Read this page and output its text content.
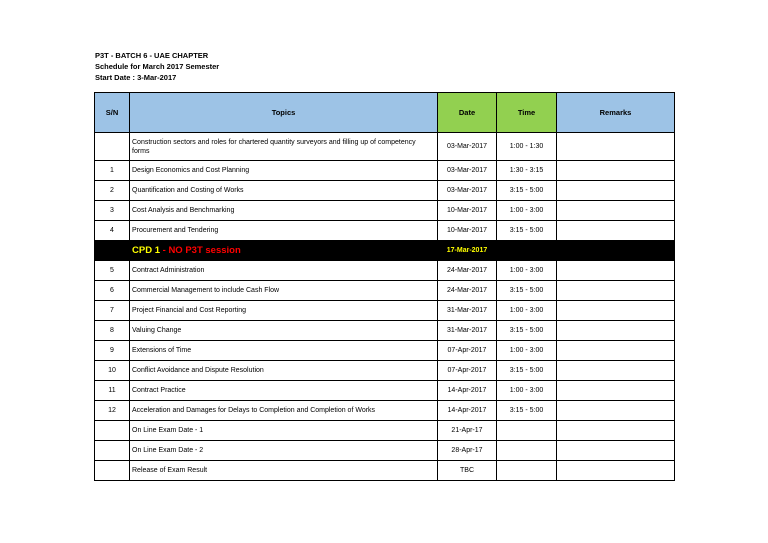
P3T - BATCH 6 - UAE CHAPTER
Schedule for March 2017 Semester
Start Date : 3-Mar-2017
S/N	Topics	Date	Time	Remarks
	Construction sectors and roles for chartered quantity surveyors and filling up of competency forms	03-Mar-2017	1:00 - 1:30	
1	Design Economics and Cost Planning	03-Mar-2017	1:30 - 3:15	
2	Quantification and Costing of Works	03-Mar-2017	3:15 - 5:00	
3	Cost Analysis and Benchmarking	10-Mar-2017	1:00 - 3:00	
4	Procurement and Tendering	10-Mar-2017	3:15 - 5:00	
	CPD 1 - NO P3T session	17-Mar-2017		
5	Contract Administration	24-Mar-2017	1:00 - 3:00	
6	Commercial Management to include Cash Flow	24-Mar-2017	3:15 - 5:00	
7	Project Financial and Cost Reporting	31-Mar-2017	1:00 - 3:00	
8	Valuing Change	31-Mar-2017	3:15 - 5:00	
9	Extensions of Time	07-Apr-2017	1:00 - 3:00	
10	Conflict Avoidance and Dispute Resolution	07-Apr-2017	3:15 - 5:00	
11	Contract Practice	14-Apr-2017	1:00 - 3:00	
12	Acceleration and Damages for Delays to Completion and Completion of Works	14-Apr-2017	3:15 - 5:00	
	On Line Exam Date - 1	21-Apr-17		
	On Line Exam Date - 2	28-Apr-17		
	Release of Exam Result	TBC		
